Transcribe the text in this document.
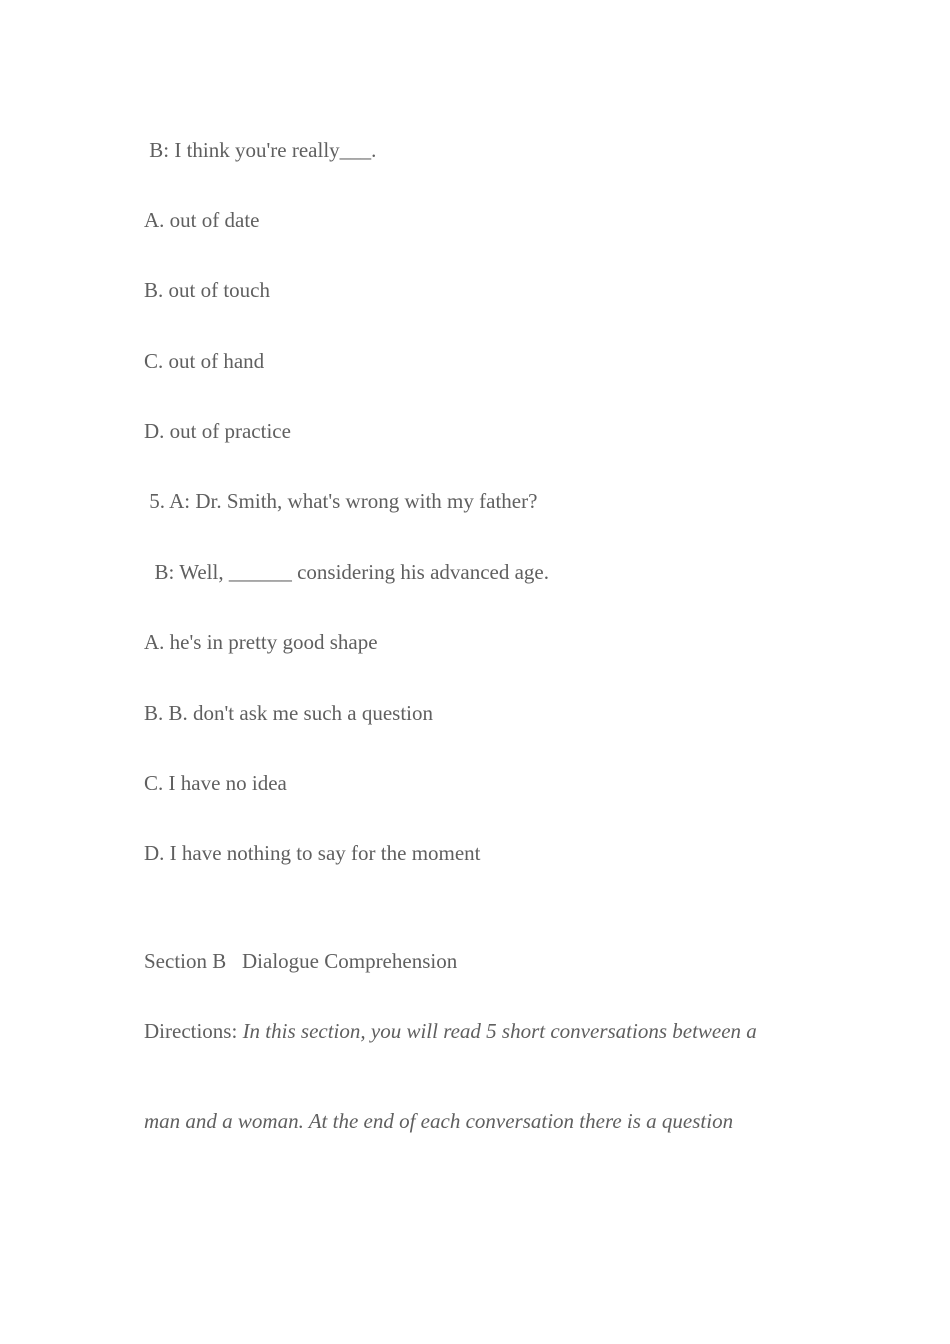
B: I think you're really___.
A. out of date
B. out of touch
C. out of hand
D. out of practice
5. A: Dr. Smith, what's wrong with my father?
B: Well, ______ considering his advanced age.
A. he's in pretty good shape
B. B. don't ask me such a question
C. I have no idea
D. I have nothing to say for the moment
Section B   Dialogue Comprehension
Directions: In this section, you will read 5 short conversations between a
man and a woman. At the end of each conversation there is a question
